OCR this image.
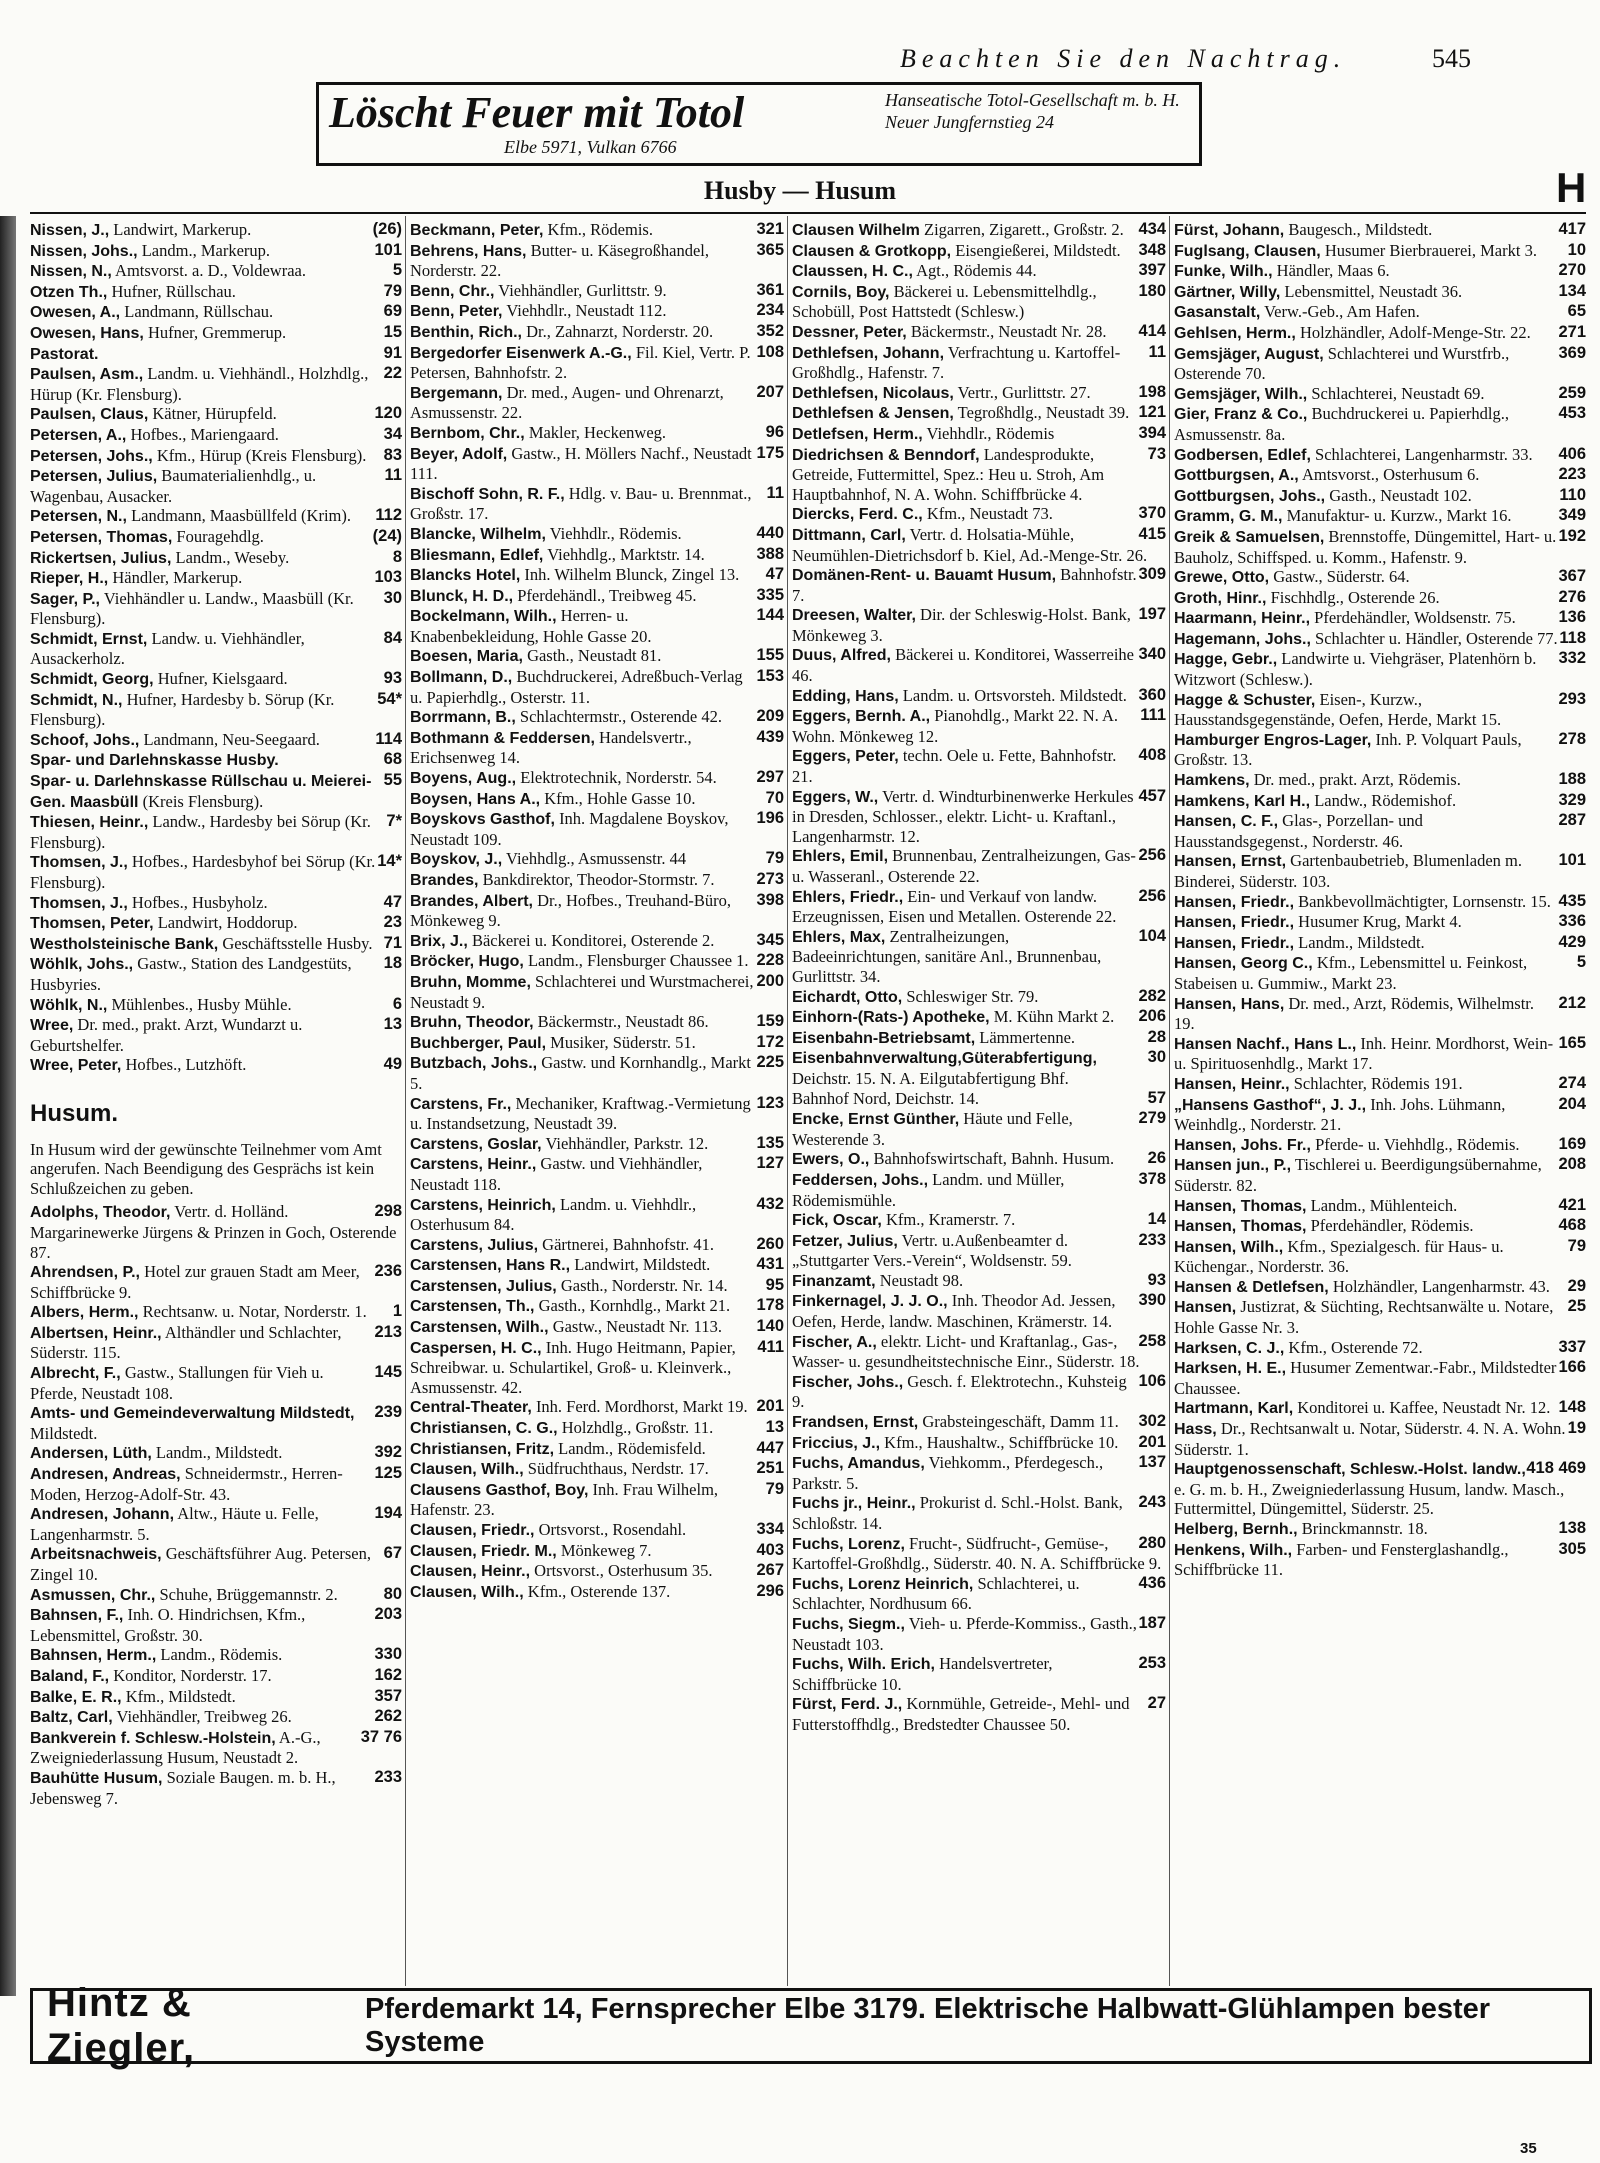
Beachten Sie den Nachtrag.	545
Löscht Feuer mit Totol
Elbe 5971, Vulkan 6766
Hanseatische Totol-Gesellschaft m. b. H. Neuer Jungfernstieg 24
Husby — Husum	H
(26)
Nissen, J., Landwirt, Markerup.
101
Nissen, Johs., Landm., Markerup.
5
Nissen, N., Amtsvorst. a. D., Voldewraa.
79
Otzen Th., Hufner, Rüllschau.
69
Owesen, A., Landmann, Rüllschau.
15
Owesen, Hans, Hufner, Gremmerup.
91
Pastorat.
22
Paulsen, Asm., Landm. u. Viehhändl., Holzhdlg., Hürup (Kr. Flensburg).
120
Paulsen, Claus, Kätner, Hürupfeld.
34
Petersen, A., Hofbes., Mariengaard.
83
Petersen, Johs., Kfm., Hürup (Kreis Flensburg).
11
Petersen, Julius, Baumaterialienhdlg., u. Wagenbau, Ausacker.
112
Petersen, N., Landmann, Maasbüllfeld (Krim).
(24)
Petersen, Thomas, Fouragehdlg.
8
Rickertsen, Julius, Landm., Weseby.
103
Rieper, H., Händler, Markerup.
30
Sager, P., Viehhändler u. Landw., Maasbüll (Kr. Flensburg).
84
Schmidt, Ernst, Landw. u. Viehhändler, Ausackerholz.
93
Schmidt, Georg, Hufner, Kielsgaard.
54*
Schmidt, N., Hufner, Hardesby b. Sörup (Kr. Flensburg).
114
Schoof, Johs., Landmann, Neu-Seegaard.
68
Spar- und Darlehnskasse Husby.
55
Spar- u. Darlehnskasse Rüllschau u. Meierei-Gen. Maasbüll (Kreis Flensburg).
7*
Thiesen, Heinr., Landw., Hardesby bei Sörup (Kr. Flensburg).
14*
Thomsen, J., Hofbes., Hardesbyhof bei Sörup (Kr. Flensburg).
47
Thomsen, J., Hofbes., Husbyholz.
23
Thomsen, Peter, Landwirt, Hoddorup.
71
Westholsteinische Bank, Geschäftsstelle Husby.
18
Wöhlk, Johs., Gastw., Station des Landgestüts, Husbyries.
6
Wöhlk, N., Mühlenbes., Husby Mühle.
13
Wree, Dr. med., prakt. Arzt, Wundarzt u. Geburtshelfer.
49
Wree, Peter, Hofbes., Lutzhöft.
Husum.
In Husum wird der gewünschte Teilnehmer vom Amt angerufen. Nach Beendigung des Gesprächs ist kein Schlußzeichen zu geben.
298
Adolphs, Theodor, Vertr. d. Holländ. Margarinewerke Jürgens & Prinzen in Goch, Osterende 87.
236
Ahrendsen, P., Hotel zur grauen Stadt am Meer, Schiffbrücke 9.
1
Albers, Herm., Rechtsanw. u. Notar, Norderstr. 1.
213
Albertsen, Heinr., Althändler und Schlachter, Süderstr. 115.
145
Albrecht, F., Gastw., Stallungen für Vieh u. Pferde, Neustadt 108.
239
Amts- und Gemeindeverwaltung Mildstedt, Mildstedt.
392
Andersen, Lüth, Landm., Mildstedt.
125
Andresen, Andreas, Schneidermstr., Herren-Moden, Herzog-Adolf-Str. 43.
194
Andresen, Johann, Altw., Häute u. Felle, Langenharmstr. 5.
67
Arbeitsnachweis, Geschäftsführer Aug. Petersen, Zingel 10.
80
Asmussen, Chr., Schuhe, Brüggemannstr. 2.
203
Bahnsen, F., Inh. O. Hindrichsen, Kfm., Lebensmittel, Großstr. 30.
330
Bahnsen, Herm., Landm., Rödemis.
162
Baland, F., Konditor, Norderstr. 17.
357
Balke, E. R., Kfm., Mildstedt.
262
Baltz, Carl, Viehhändler, Treibweg 26.
37 76
Bankverein f. Schlesw.-Holstein, A.-G., Zweigniederlassung Husum, Neustadt 2.
233
Bauhütte Husum, Soziale Baugen. m. b. H., Jebensweg 7.
321
Beckmann, Peter, Kfm., Rödemis.
365
Behrens, Hans, Butter- u. Käsegroßhandel, Norderstr. 22.
361
Benn, Chr., Viehhändler, Gurlittstr. 9.
234
Benn, Peter, Viehhdlr., Neustadt 112.
352
Benthin, Rich., Dr., Zahnarzt, Norderstr. 20.
108
Bergedorfer Eisenwerk A.-G., Fil. Kiel, Vertr. P. Petersen, Bahnhofstr. 2.
207
Bergemann, Dr. med., Augen- und Ohrenarzt, Asmussenstr. 22.
96
Bernbom, Chr., Makler, Heckenweg.
175
Beyer, Adolf, Gastw., H. Möllers Nachf., Neustadt 111.
11
Bischoff Sohn, R. F., Hdlg. v. Bau- u. Brennmat., Großstr. 17.
440
Blancke, Wilhelm, Viehhdlr., Rödemis.
388
Bliesmann, Edlef, Viehhdlg., Marktstr. 14.
47
Blancks Hotel, Inh. Wilhelm Blunck, Zingel 13.
335
Blunck, H. D., Pferdehändl., Treibweg 45.
144
Bockelmann, Wilh., Herren- u. Knabenbekleidung, Hohle Gasse 20.
155
Boesen, Maria, Gasth., Neustadt 81.
153
Bollmann, D., Buchdruckerei, Adreßbuch-Verlag u. Papierhdlg., Osterstr. 11.
209
Borrmann, B., Schlachtermstr., Osterende 42.
439
Bothmann & Feddersen, Handelsvertr., Erichsenweg 14.
297
Boyens, Aug., Elektrotechnik, Norderstr. 54.
70
Boysen, Hans A., Kfm., Hohle Gasse 10.
196
Boyskovs Gasthof, Inh. Magdalene Boyskov, Neustadt 109.
79
Boyskov, J., Viehhdlg., Asmussenstr. 44
273
Brandes, Bankdirektor, Theodor-Stormstr. 7.
398
Brandes, Albert, Dr., Hofbes., Treuhand-Büro, Mönkeweg 9.
345
Brix, J., Bäckerei u. Konditorei, Osterende 2.
228
Bröcker, Hugo, Landm., Flensburger Chaussee 1.
200
Bruhn, Momme, Schlachterei und Wurstmacherei, Neustadt 9.
159
Bruhn, Theodor, Bäckermstr., Neustadt 86.
172
Buchberger, Paul, Musiker, Süderstr. 51.
225
Butzbach, Johs., Gastw. und Kornhandlg., Markt 5.
123
Carstens, Fr., Mechaniker, Kraftwag.-Vermietung u. Instandsetzung, Neustadt 39.
135
Carstens, Goslar, Viehhändler, Parkstr. 12.
127
Carstens, Heinr., Gastw. und Viehhändler, Neustadt 118.
432
Carstens, Heinrich, Landm. u. Viehhdlr., Osterhusum 84.
260
Carstens, Julius, Gärtnerei, Bahnhofstr. 41.
431
Carstensen, Hans R., Landwirt, Mildstedt.
95
Carstensen, Julius, Gasth., Norderstr. Nr. 14.
178
Carstensen, Th., Gasth., Kornhdlg., Markt 21.
140
Carstensen, Wilh., Gastw., Neustadt Nr. 113.
411
Caspersen, H. C., Inh. Hugo Heitmann, Papier, Schreibwar. u. Schulartikel, Groß- u. Kleinverk., Asmussenstr. 42.
201
Central-Theater, Inh. Ferd. Mordhorst, Markt 19.
13
Christiansen, C. G., Holzhdlg., Großstr. 11.
447
Christiansen, Fritz, Landm., Rödemisfeld.
251
Clausen, Wilh., Südfruchthaus, Nerdstr. 17.
79
Clausens Gasthof, Boy, Inh. Frau Wilhelm, Hafenstr. 23.
334
Clausen, Friedr., Ortsvorst., Rosendahl.
403
Clausen, Friedr. M., Mönkeweg 7.
267
Clausen, Heinr., Ortsvorst., Osterhusum 35.
296
Clausen, Wilh., Kfm., Osterende 137.
434
Clausen Wilhelm Zigarren, Zigarett., Großstr. 2.
348
Clausen & Grotkopp, Eisengießerei, Mildstedt.
397
Claussen, H. C., Agt., Rödemis 44.
180
Cornils, Boy, Bäckerei u. Lebensmittelhdlg., Schobüll, Post Hattstedt (Schlesw.)
414
Dessner, Peter, Bäckermstr., Neustadt Nr. 28.
11
Dethlefsen, Johann, Verfrachtung u. Kartoffel-Großhdlg., Hafenstr. 7.
198
Dethlefsen, Nicolaus, Vertr., Gurlittstr. 27.
121
Dethlefsen & Jensen, Tegroßhdlg., Neustadt 39.
394
Detlefsen, Herm., Viehhdlr., Rödemis
73
Diedrichsen & Benndorf, Landesprodukte, Getreide, Futtermittel, Spez.: Heu u. Stroh, Am Hauptbahnhof, N. A. Wohn. Schiffbrücke 4.
370
Diercks, Ferd. C., Kfm., Neustadt 73.
415
Dittmann, Carl, Vertr. d. Holsatia-Mühle, Neumühlen-Dietrichsdorf b. Kiel, Ad.-Menge-Str. 26.
309
Domänen-Rent- u. Bauamt Husum, Bahnhofstr. 7.
197
Dreesen, Walter, Dir. der Schleswig-Holst. Bank, Mönkeweg 3.
340
Duus, Alfred, Bäckerei u. Konditorei, Wasserreihe 46.
360
Edding, Hans, Landm. u. Ortsvorsteh. Mildstedt.
111
Eggers, Bernh. A., Pianohdlg., Markt 22. N. A. Wohn. Mönkeweg 12.
408
Eggers, Peter, techn. Oele u. Fette, Bahnhofstr. 21.
457
Eggers, W., Vertr. d. Windturbinenwerke Herkules in Dresden, Schlosser., elektr. Licht- u. Kraftanl., Langenharmstr. 12.
256
Ehlers, Emil, Brunnenbau, Zentralheizungen, Gas- u. Wasseranl., Osterende 22.
256
Ehlers, Friedr., Ein- und Verkauf von landw. Erzeugnissen, Eisen und Metallen. Osterende 22.
104
Ehlers, Max, Zentralheizungen, Badeeinrichtungen, sanitäre Anl., Brunnenbau, Gurlittstr. 34.
282
Eichardt, Otto, Schleswiger Str. 79.
206
Einhorn-(Rats-) Apotheke, M. Kühn Markt 2.
28
Eisenbahn-Betriebsamt, Lämmertenne.
30
Eisenbahnverwaltung,Güterabfertigung, Deichstr. 15. N. A. Eilgutabfertigung Bhf.
57
Bahnhof Nord, Deichstr. 14.
279
Encke, Ernst Günther, Häute und Felle, Westerende 3.
26
Ewers, O., Bahnhofswirtschaft, Bahnh. Husum.
378
Feddersen, Johs., Landm. und Müller, Rödemismühle.
14
Fick, Oscar, Kfm., Kramerstr. 7.
233
Fetzer, Julius, Vertr. u.Außenbeamter d. „Stuttgarter Vers.-Verein“, Woldsenstr. 59.
93
Finanzamt, Neustadt 98.
390
Finkernagel, J. J. O., Inh. Theodor Ad. Jessen, Oefen, Herde, landw. Maschinen, Krämerstr. 14.
258
Fischer, A., elektr. Licht- und Kraftanlag., Gas-, Wasser- u. gesundheitstechnische Einr., Süderstr. 18.
106
Fischer, Johs., Gesch. f. Elektrotechn., Kuhsteig 9.
302
Frandsen, Ernst, Grabsteingeschäft, Damm 11.
201
Friccius, J., Kfm., Haushaltw., Schiffbrücke 10.
137
Fuchs, Amandus, Viehkomm., Pferdegesch., Parkstr. 5.
243
Fuchs jr., Heinr., Prokurist d. Schl.-Holst. Bank, Schloßstr. 14.
280
Fuchs, Lorenz, Frucht-, Südfrucht-, Gemüse-, Kartoffel-Großhdlg., Süderstr. 40. N. A. Schiffbrücke 9.
436
Fuchs, Lorenz Heinrich, Schlachterei, u. Schlachter, Nordhusum 66.
187
Fuchs, Siegm., Vieh- u. Pferde-Kommiss., Gasth., Neustadt 103.
253
Fuchs, Wilh. Erich, Handelsvertreter, Schiffbrücke 10.
27
Fürst, Ferd. J., Kornmühle, Getreide-, Mehl- und Futterstoffhdlg., Bredstedter Chaussee 50.
417
Fürst, Johann, Baugesch., Mildstedt.
10
Fuglsang, Clausen, Husumer Bierbrauerei, Markt 3.
270
Funke, Wilh., Händler, Maas 6.
134
Gärtner, Willy, Lebensmittel, Neustadt 36.
65
Gasanstalt, Verw.-Geb., Am Hafen.
271
Gehlsen, Herm., Holzhändler, Adolf-Menge-Str. 22.
369
Gemsjäger, August, Schlachterei und Wurstfrb., Osterende 70.
259
Gemsjäger, Wilh., Schlachterei, Neustadt 69.
453
Gier, Franz & Co., Buchdruckerei u. Papierhdlg., Asmussenstr. 8a.
406
Godbersen, Edlef, Schlachterei, Langenharmstr. 33.
223
Gottburgsen, A., Amtsvorst., Osterhusum 6.
110
Gottburgsen, Johs., Gasth., Neustadt 102.
349
Gramm, G. M., Manufaktur- u. Kurzw., Markt 16.
192
Greik & Samuelsen, Brennstoffe, Düngemittel, Hart- u. Bauholz, Schiffsped. u. Komm., Hafenstr. 9.
367
Grewe, Otto, Gastw., Süderstr. 64.
276
Groth, Hinr., Fischhdlg., Osterende 26.
136
Haarmann, Heinr., Pferdehändler, Woldsenstr. 75.
118
Hagemann, Johs., Schlachter u. Händler, Osterende 77.
332
Hagge, Gebr., Landwirte u. Viehgräser, Platenhörn b. Witzwort (Schlesw.).
293
Hagge & Schuster, Eisen-, Kurzw., Hausstandsgegenstände, Oefen, Herde, Markt 15.
278
Hamburger Engros-Lager, Inh. P. Volquart Pauls, Großstr. 13.
188
Hamkens, Dr. med., prakt. Arzt, Rödemis.
329
Hamkens, Karl H., Landw., Rödemishof.
287
Hansen, C. F., Glas-, Porzellan- und Hausstandsgegenst., Norderstr. 46.
101
Hansen, Ernst, Gartenbaubetrieb, Blumenladen m. Binderei, Süderstr. 103.
435
Hansen, Friedr., Bankbevollmächtigter, Lornsenstr. 15.
336
Hansen, Friedr., Husumer Krug, Markt 4.
429
Hansen, Friedr., Landm., Mildstedt.
5
Hansen, Georg C., Kfm., Lebensmittel u. Feinkost, Stabeisen u. Gummiw., Markt 23.
212
Hansen, Hans, Dr. med., Arzt, Rödemis, Wilhelmstr. 19.
165
Hansen Nachf., Hans L., Inh. Heinr. Mordhorst, Wein- u. Spirituosenhdlg., Markt 17.
274
Hansen, Heinr., Schlachter, Rödemis 191.
204
„Hansens Gasthof“, J. J., Inh. Johs. Lühmann, Weinhdlg., Norderstr. 21.
169
Hansen, Johs. Fr., Pferde- u. Viehhdlg., Rödemis.
208
Hansen jun., P., Tischlerei u. Beerdigungsübernahme, Süderstr. 82.
421
Hansen, Thomas, Landm., Mühlenteich.
468
Hansen, Thomas, Pferdehändler, Rödemis.
79
Hansen, Wilh., Kfm., Spezialgesch. für Haus- u. Küchengar., Norderstr. 36.
29
Hansen & Detlefsen, Holzhändler, Langenharmstr. 43.
25
Hansen, Justizrat, & Süchting, Rechtsanwälte u. Notare, Hohle Gasse Nr. 3.
337
Harksen, C. J., Kfm., Osterende 72.
166
Harksen, H. E., Husumer Zementwar.-Fabr., Mildstedter Chaussee.
148
Hartmann, Karl, Konditorei u. Kaffee, Neustadt Nr. 12.
19
Hass, Dr., Rechtsanwalt u. Notar, Süderstr. 4. N. A. Wohn. Süderstr. 1.
418 469
Hauptgenossenschaft, Schlesw.-Holst. landw., e. G. m. b. H., Zweigniederlassung Husum, landw. Masch., Futtermittel, Düngemittel, Süderstr. 25.
138
Helberg, Bernh., Brinckmannstr. 18.
305
Henkens, Wilh., Farben- und Fensterglashandlg., Schiffbrücke 11.
Hintz & Ziegler,
Pferdemarkt 14, Fernsprecher Elbe 3179. Elektrische Halbwatt-Glühlampen bester Systeme
35
